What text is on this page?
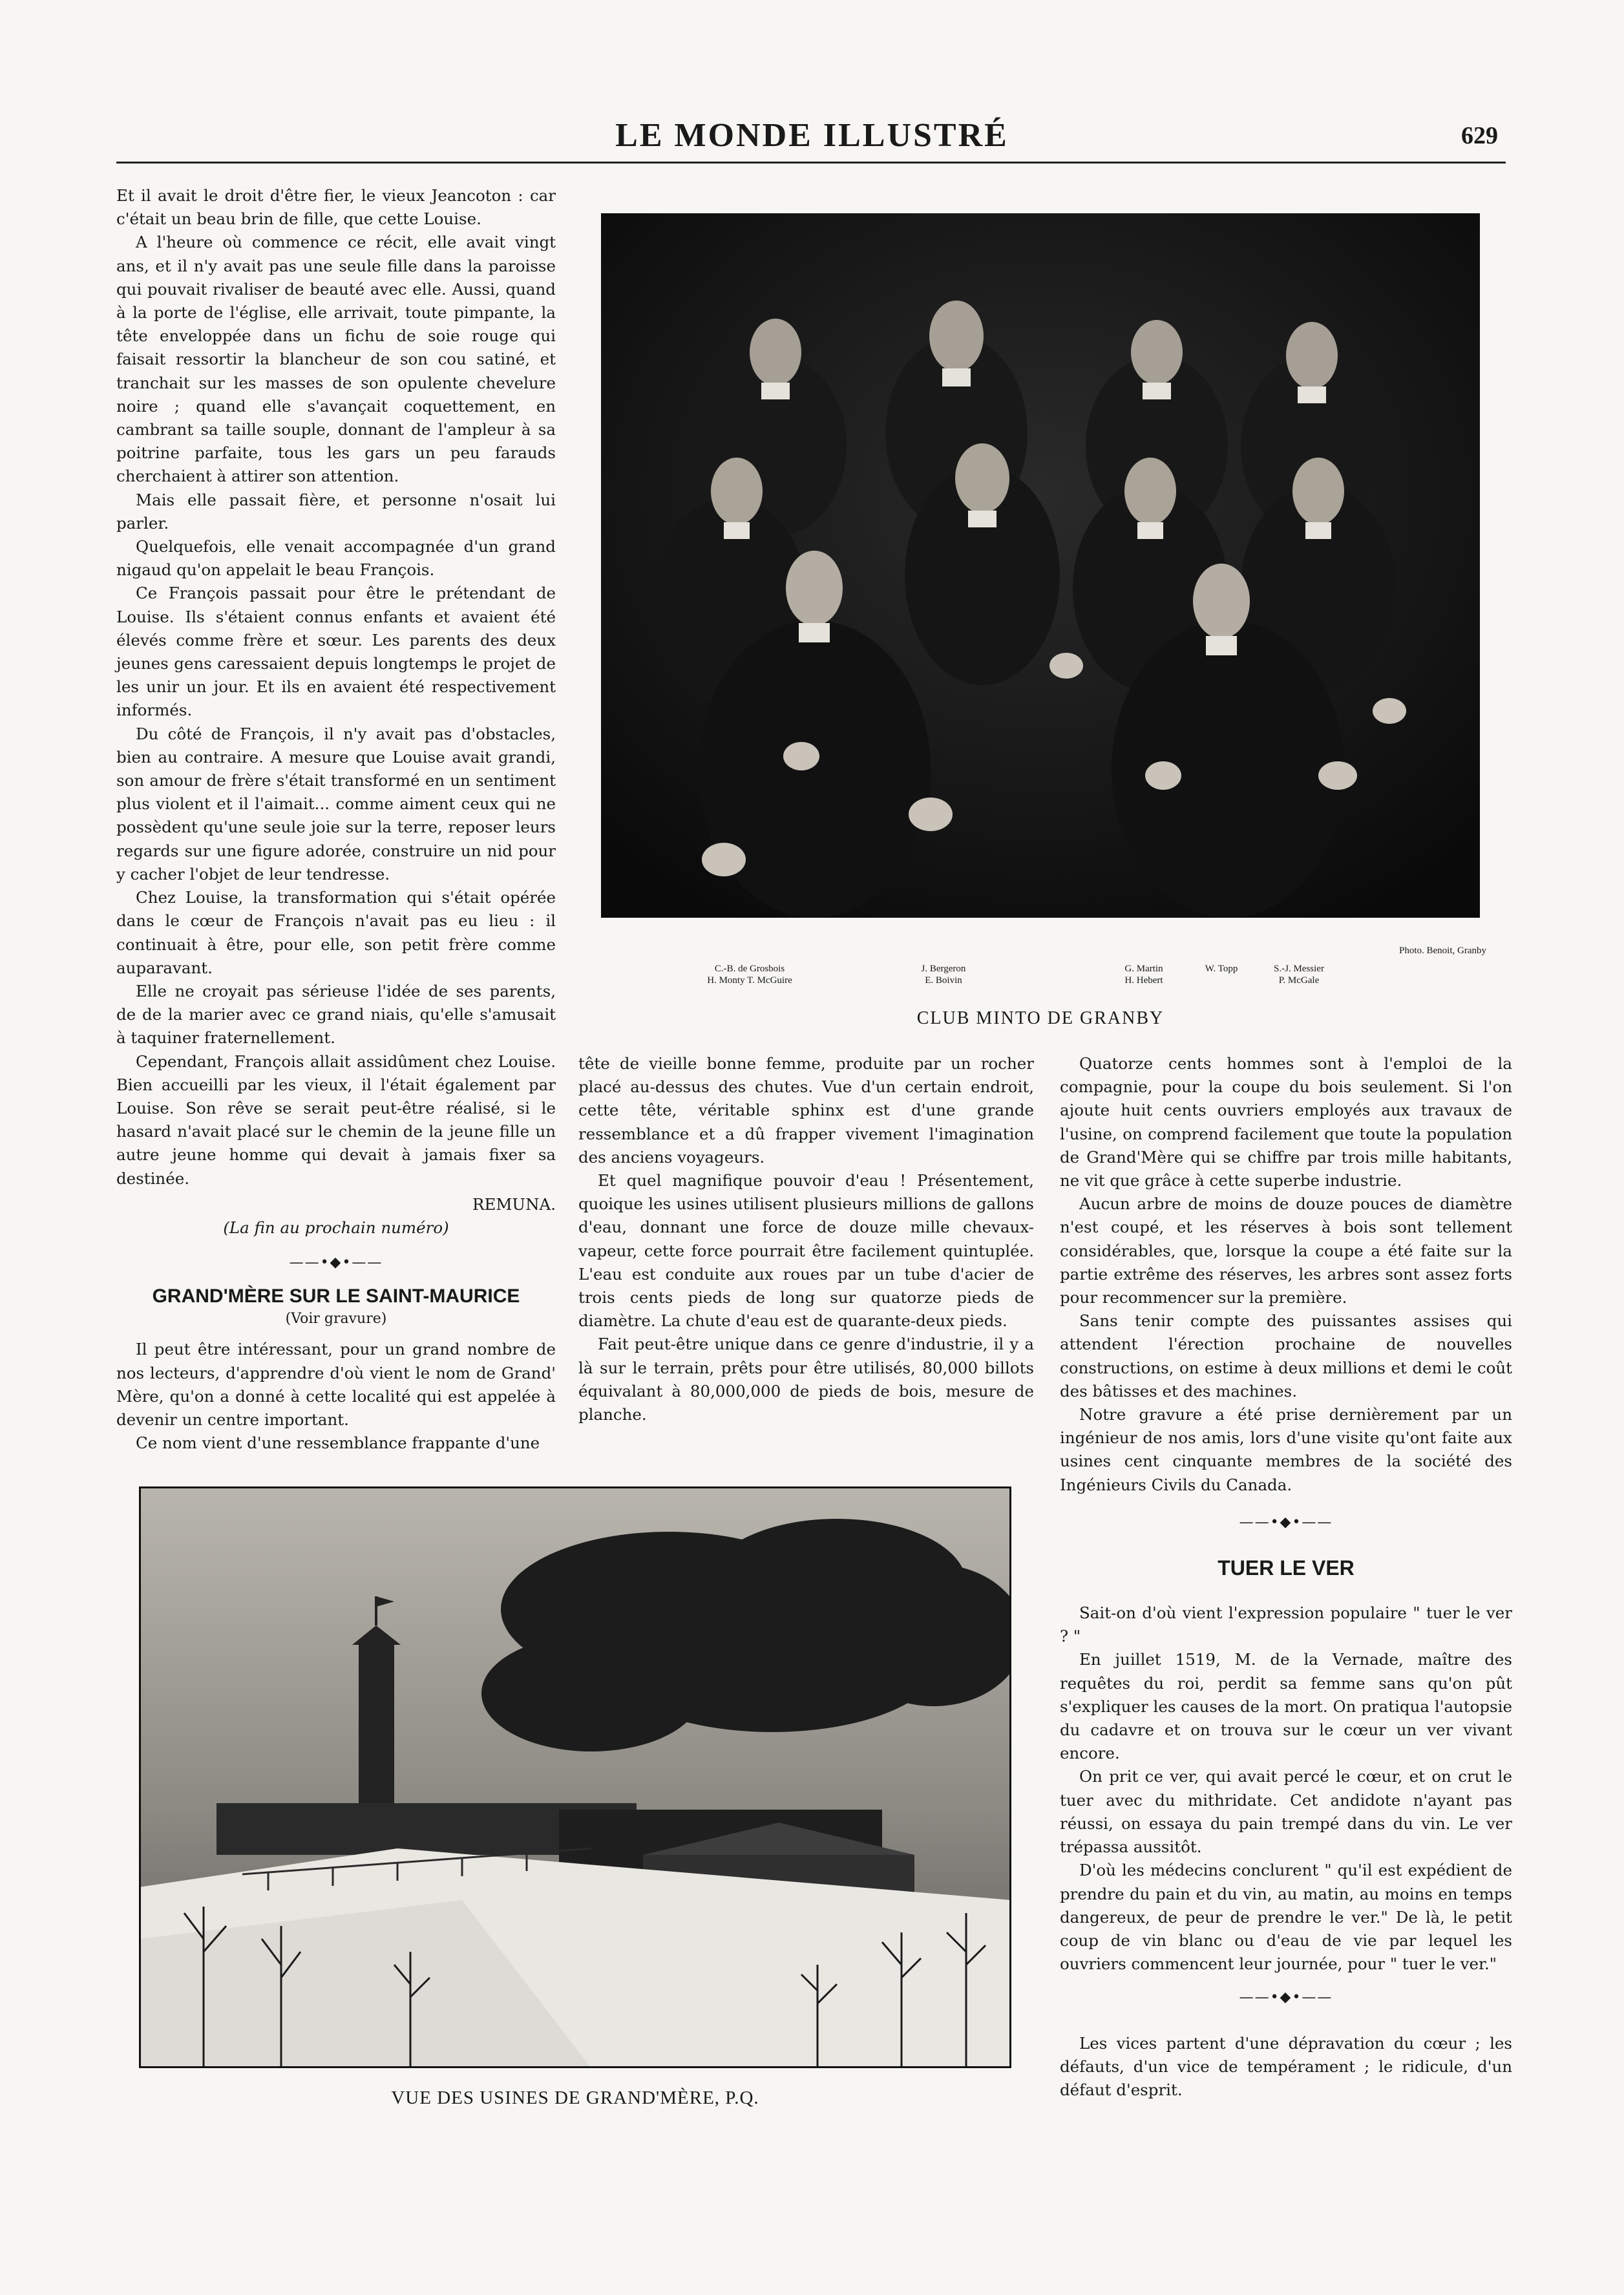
LE MONDE ILLUSTRÉ	629

Et il avait le droit d'être fier, le vieux Jeancoton : car c'était un beau brin de fille, que cette Louise.

A l'heure où commence ce récit, elle avait vingt ans, et il n'y avait pas une seule fille dans la paroisse qui pouvait rivaliser de beauté avec elle. Aussi, quand à la porte de l'église, elle arrivait, toute pimpante, la tête enveloppée dans un fichu de soie rouge qui faisait ressortir la blancheur de son cou satiné, et tranchait sur les masses de son opulente chevelure noire ; quand elle s'avançait coquettement, en cambrant sa taille souple, donnant de l'ampleur à sa poitrine parfaite, tous les gars un peu farauds cherchaient à attirer son attention.

Mais elle passait fière, et personne n'osait lui parler.

Quelquefois, elle venait accompagnée d'un grand nigaud qu'on appelait le beau François.

Ce François passait pour être le prétendant de Louise. Ils s'étaient connus enfants et avaient été élevés comme frère et sœur. Les parents des deux jeunes gens caressaient depuis longtemps le projet de les unir un jour. Et ils en avaient été respectivement informés.

Du côté de François, il n'y avait pas d'obstacles, bien au contraire. A mesure que Louise avait grandi, son amour de frère s'était transformé en un sentiment plus violent et il l'aimait... comme aiment ceux qui ne possèdent qu'une seule joie sur la terre, reposer leurs regards sur une figure adorée, construire un nid pour y cacher l'objet de leur tendresse.

Chez Louise, la transformation qui s'était opérée dans le cœur de François n'avait pas eu lieu : il continuait à être, pour elle, son petit frère comme auparavant.

Elle ne croyait pas sérieuse l'idée de ses parents, de de la marier avec ce grand niais, qu'elle s'amusait à taquiner fraternellement.

Cependant, François allait assidûment chez Louise. Bien accueilli par les vieux, il l'était également par Louise. Son rêve se serait peut-être réalisé, si le hasard n'avait placé sur le chemin de la jeune fille un autre jeune homme qui devait à jamais fixer sa destinée.

REMUNA.
(La fin au prochain numéro)
——•◆•——
GRAND'MÈRE SUR LE SAINT-MAURICE
(Voir gravure)

Il peut être intéressant, pour un grand nombre de nos lecteurs, d'apprendre d'où vient le nom de Grand' Mère, qu'on a donné à cette localité qui est appelée à devenir un centre important.

Ce nom vient d'une ressemblance frappante d'une

Photo. Benoit, Granby
C.-B. de Grosbois
H. Monty T. McGuire
J. Bergeron
E. Boivin
G. Martin
H. Hebert
W. Topp	S.-J. Messier
P. McGale
CLUB MINTO DE GRANBY

tête de vieille bonne femme, produite par un rocher placé au-dessus des chutes. Vue d'un certain endroit, cette tête, véritable sphinx est d'une grande ressemblance et a dû frapper vivement l'imagination des anciens voyageurs.

Et quel magnifique pouvoir d'eau ! Présentement, quoique les usines utilisent plusieurs millions de gallons d'eau, donnant une force de douze mille chevaux-vapeur, cette force pourrait être facilement quintuplée. L'eau est conduite aux roues par un tube d'acier de trois cents pieds de long sur quatorze pieds de diamètre. La chute d'eau est de quarante-deux pieds.

Fait peut-être unique dans ce genre d'industrie, il y a là sur le terrain, prêts pour être utilisés, 80,000 billots équivalant à 80,000,000 de pieds de bois, mesure de planche.

Quatorze cents hommes sont à l'emploi de la compagnie, pour la coupe du bois seulement. Si l'on ajoute huit cents ouvriers employés aux travaux de l'usine, on comprend facilement que toute la population de Grand'Mère qui se chiffre par trois mille habitants, ne vit que grâce à cette superbe industrie.

Aucun arbre de moins de douze pouces de diamètre n'est coupé, et les réserves à bois sont tellement considérables, que, lorsque la coupe a été faite sur la partie extrême des réserves, les arbres sont assez forts pour recommencer sur la première.

Sans tenir compte des puissantes assises qui attendent l'érection prochaine de nouvelles constructions, on estime à deux millions et demi le coût des bâtisses et des machines.

Notre gravure a été prise dernièrement par un ingénieur de nos amis, lors d'une visite qu'ont faite aux usines cent cinquante membres de la société des Ingénieurs Civils du Canada.

——•◆•——
TUER LE VER

Sait-on d'où vient l'expression populaire " tuer le ver ? "

En juillet 1519, M. de la Vernade, maître des requêtes du roi, perdit sa femme sans qu'on pût s'expliquer les causes de la mort. On pratiqua l'autopsie du cadavre et on trouva sur le cœur un ver vivant encore.

On prit ce ver, qui avait percé le cœur, et on crut le tuer avec du mithridate. Cet andidote n'ayant pas réussi, on essaya du pain trempé dans du vin. Le ver trépassa aussitôt.

D'où les médecins conclurent " qu'il est expédient de prendre du pain et du vin, au matin, au moins en temps dangereux, de peur de prendre le ver." De là, le petit coup de vin blanc ou d'eau de vie par lequel les ouvriers commencent leur journée, pour " tuer le ver."

——•◆•——

Les vices partent d'une dépravation du cœur ; les défauts, d'un vice de tempérament ; le ridicule, d'un défaut d'esprit.

VUE DES USINES DE GRAND'MÈRE, P.Q.
